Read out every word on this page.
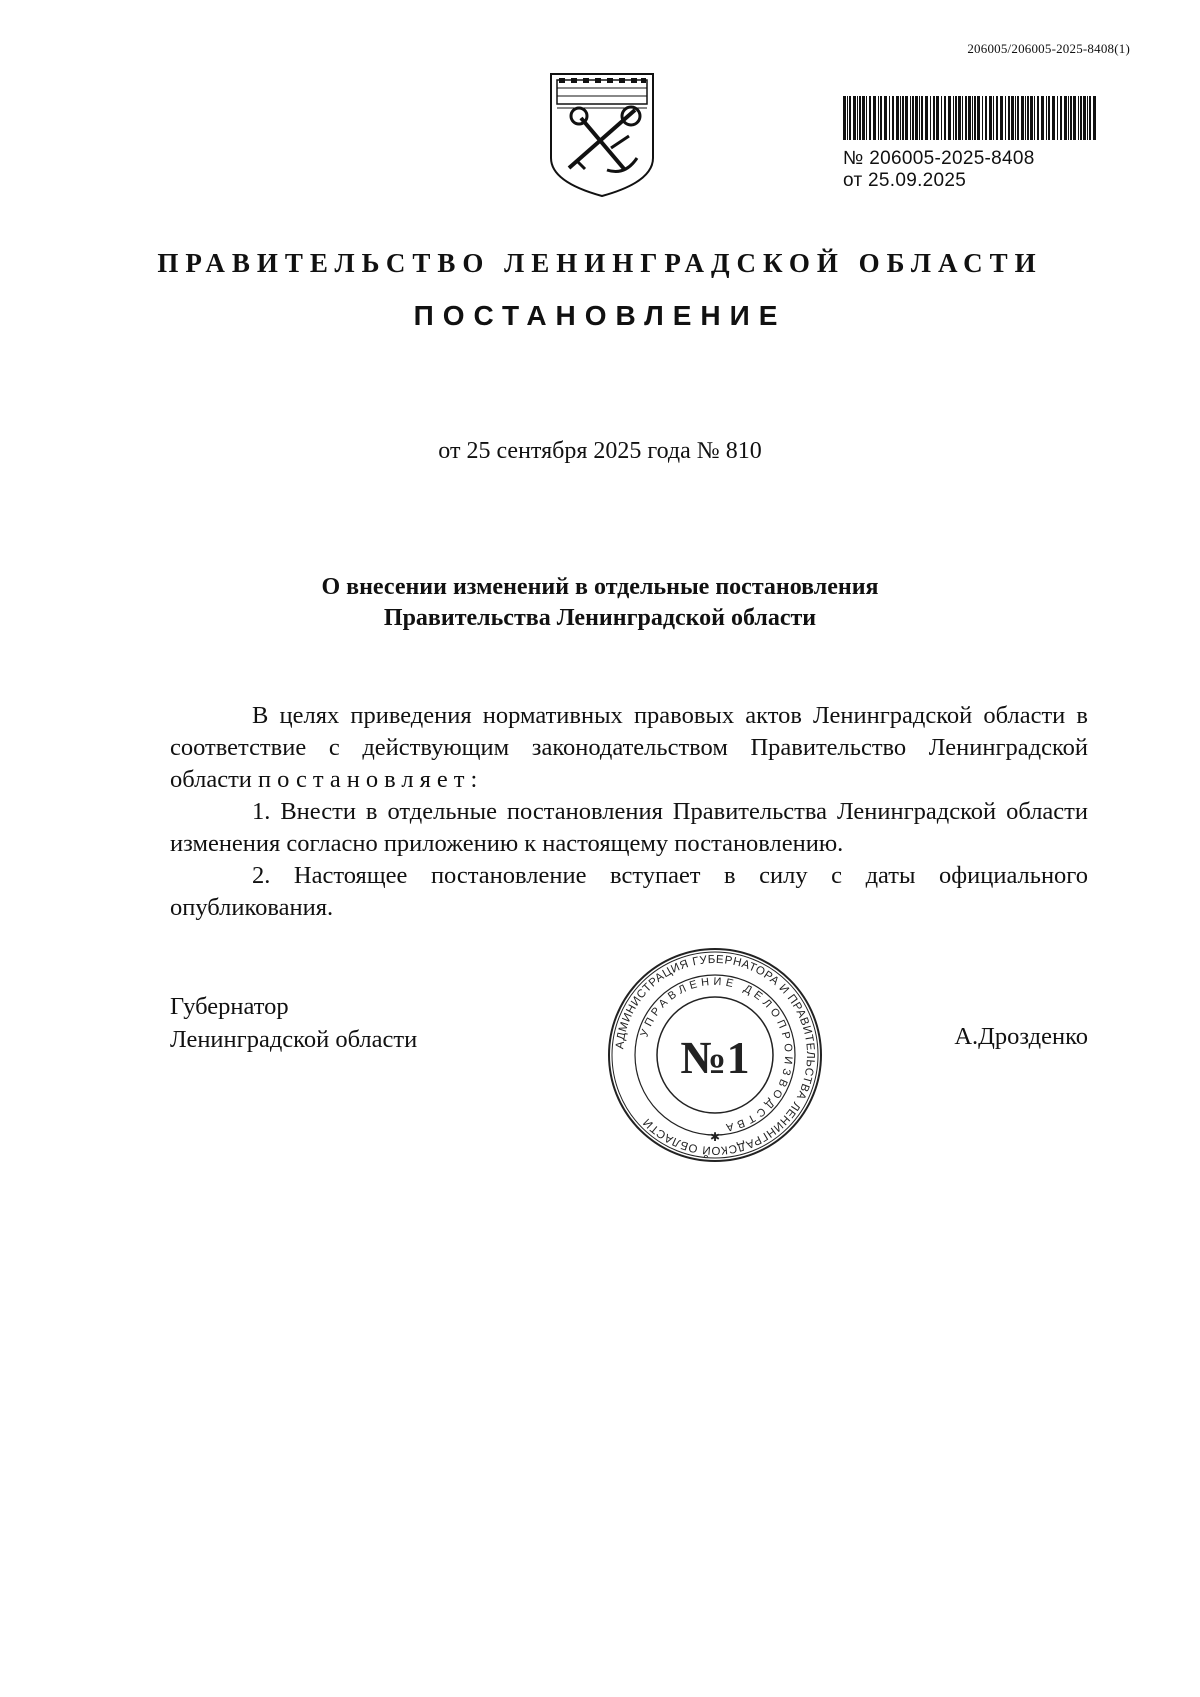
206005/206005-2025-8408(1)
№ 206005-2025-8408
от 25.09.2025
ПРАВИТЕЛЬСТВО ЛЕНИНГРАДСКОЙ ОБЛАСТИ
ПОСТАНОВЛЕНИЕ
от 25 сентября 2025 года № 810
О внесении изменений в отдельные постановления
Правительства Ленинградской области

В целях приведения нормативных правовых актов Ленинградской области в соответствие с действующим законодательством Правительство Ленинградской области постановляет:

1. Внести в отдельные постановления Правительства Ленинградской области изменения согласно приложению к настоящему постановлению.

2. Настоящее постановление вступает в силу с даты официального опубликования.

Губернатор
Ленинградской области	АДМИНИСТРАЦИЯ ГУБЕРНАТОРА И ПРАВИТЕЛЬСТВА ЛЕНИНГРАДСКОЙ ОБЛАСТИ
УПРАВЛЕНИЕ ДЕЛОПРОИЗВОДСТВА
№1
✱
А.Дрозденко
